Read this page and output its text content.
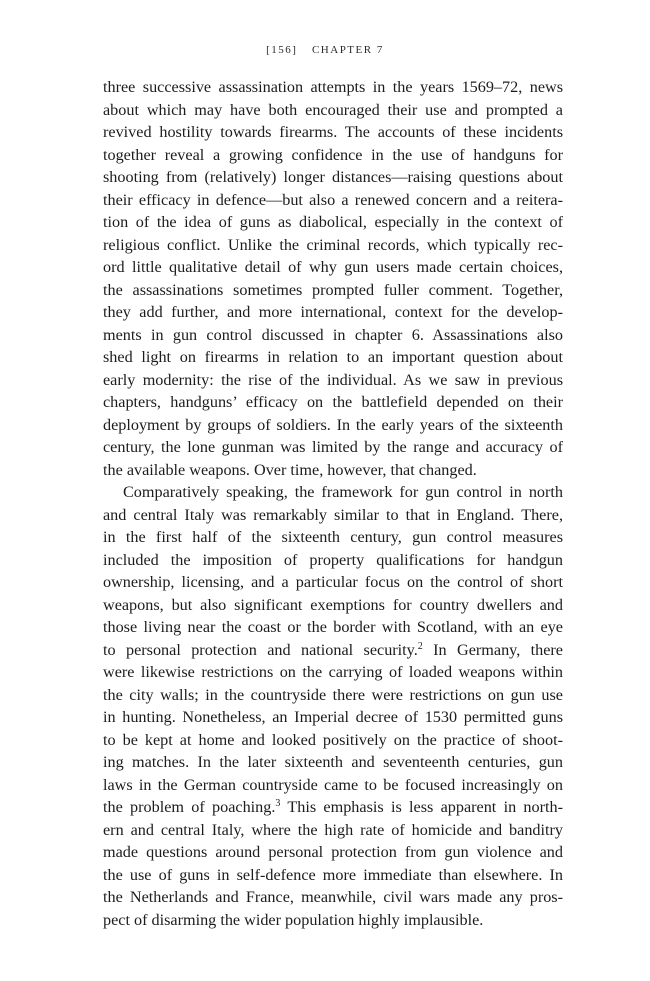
[156] CHAPTER 7
three successive assassination attempts in the years 1569–72, news
about which may have both encouraged their use and prompted a
revived hostility towards firearms. The accounts of these incidents
together reveal a growing confidence in the use of handguns for
shooting from (relatively) longer distances—raising questions about
their efficacy in defence—but also a renewed concern and a reitera-
tion of the idea of guns as diabolical, especially in the context of
religious conflict. Unlike the criminal records, which typically rec-
ord little qualitative detail of why gun users made certain choices,
the assassinations sometimes prompted fuller comment. Together,
they add further, and more international, context for the develop-
ments in gun control discussed in chapter 6. Assassinations also
shed light on firearms in relation to an important question about
early modernity: the rise of the individual. As we saw in previous
chapters, handguns’ efficacy on the battlefield depended on their
deployment by groups of soldiers. In the early years of the sixteenth
century, the lone gunman was limited by the range and accuracy of
the available weapons. Over time, however, that changed.
Comparatively speaking, the framework for gun control in north
and central Italy was remarkably similar to that in England. There,
in the first half of the sixteenth century, gun control measures
included the imposition of property qualifications for handgun
ownership, licensing, and a particular focus on the control of short
weapons, but also significant exemptions for country dwellers and
those living near the coast or the border with Scotland, with an eye
to personal protection and national security.$^2$ In Germany, there
were likewise restrictions on the carrying of loaded weapons within
the city walls; in the countryside there were restrictions on gun use
in hunting. Nonetheless, an Imperial decree of 1530 permitted guns
to be kept at home and looked positively on the practice of shoot-
ing matches. In the later sixteenth and seventeenth centuries, gun
laws in the German countryside came to be focused increasingly on
the problem of poaching.$^3$ This emphasis is less apparent in north-
ern and central Italy, where the high rate of homicide and banditry
made questions around personal protection from gun violence and
the use of guns in self-defence more immediate than elsewhere. In
the Netherlands and France, meanwhile, civil wars made any pros-
pect of disarming the wider population highly implausible.
